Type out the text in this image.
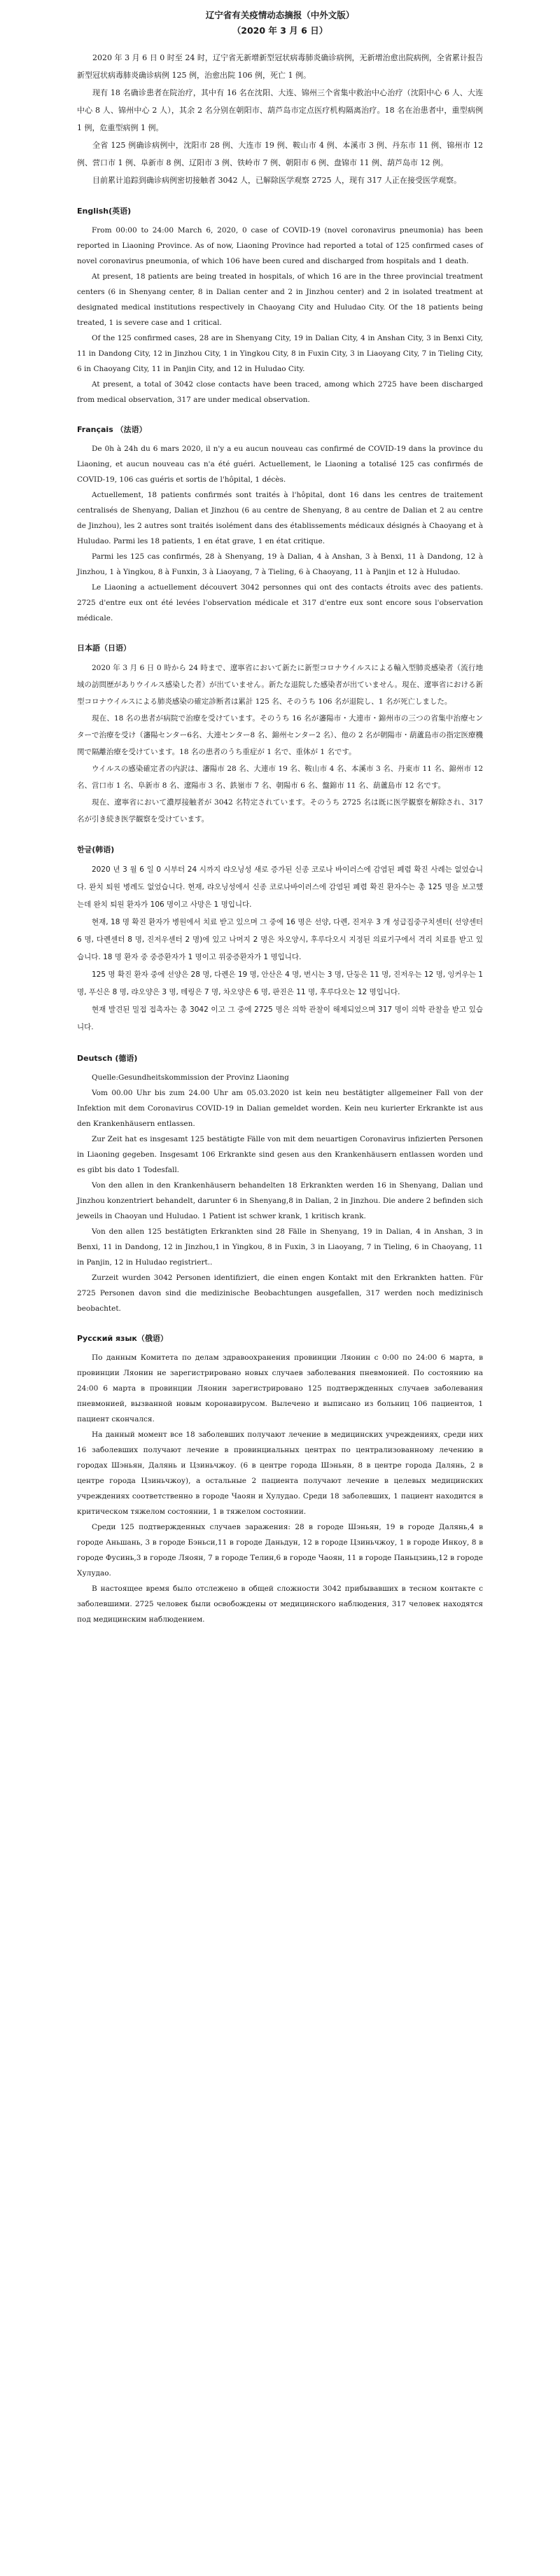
辽宁省有关疫情动态摘报（中外文版）

（2020 年 3 月 6 日）

2020 年 3 月 6 日 0 时至 24 时，辽宁省无新增新型冠状病毒肺炎确诊病例，无新增治愈出院病例，全省累计报告新型冠状病毒肺炎确诊病例 125 例，治愈出院 106 例，死亡 1 例。

现有 18 名确诊患者在院治疗，其中有 16 名在沈阳、大连、锦州三个省集中救治中心治疗（沈阳中心 6 人、大连中心 8 人、锦州中心 2 人），其余 2 名分别在朝阳市、葫芦岛市定点医疗机构隔离治疗。18 名在治患者中，重型病例 1 例，危重型病例 1 例。

全省 125 例确诊病例中，沈阳市 28 例、大连市 19 例、鞍山市 4 例、本溪市 3 例、丹东市 11 例、锦州市 12 例、营口市 1 例、阜新市 8 例、辽阳市 3 例、铁岭市 7 例、朝阳市 6 例、盘锦市 11 例、葫芦岛市 12 例。

目前累计追踪到确诊病例密切接触者 3042 人，已解除医学观察 2725 人，现有 317 人正在接受医学观察。

English(英语)

From 00:00 to 24:00 March 6, 2020, 0 case of COVID-19 (novel coronavirus pneumonia) has been reported in Liaoning Province. As of now, Liaoning Province had reported a total of 125 confirmed cases of novel coronavirus pneumonia, of which 106 have been cured and discharged from hospitals and 1 death.

At present, 18 patients are being treated in hospitals, of which 16 are in the three provincial treatment centers (6 in Shenyang center, 8 in Dalian center and 2 in Jinzhou center) and 2 in isolated treatment at designated medical institutions respectively in Chaoyang City and Huludao City. Of the 18 patients being treated, 1 is severe case and 1 critical.

Of the 125 confirmed cases, 28 are in Shenyang City, 19 in Dalian City, 4 in Anshan City, 3 in Benxi City, 11 in Dandong City, 12 in Jinzhou City, 1 in Yingkou City, 8 in Fuxin City, 3 in Liaoyang City, 7 in Tieling City, 6 in Chaoyang City, 11 in Panjin City, and 12 in Huludao City.

At present, a total of 3042 close contacts have been traced, among which 2725 have been discharged from medical observation, 317 are under medical observation.

Français （法语）

De 0h à 24h du 6 mars 2020, il n'y a eu aucun nouveau cas confirmé de COVID-19 dans la province du Liaoning, et aucun nouveau cas n'a été guéri. Actuellement, le Liaoning a totalisé 125 cas confirmés de COVID-19, 106 cas guéris et sortis de l'hôpital, 1 décès.

Actuellement, 18 patients confirmés sont traités à l'hôpital, dont 16 dans les centres de traitement centralisés de Shenyang, Dalian et Jinzhou (6 au centre de Shenyang, 8 au centre de Dalian et 2 au centre de Jinzhou), les 2 autres sont traités isolément dans des établissements médicaux désignés à Chaoyang et à Huludao. Parmi les 18 patients, 1 en état grave, 1 en état critique.

Parmi les 125 cas confirmés, 28 à Shenyang, 19 à Dalian, 4 à Anshan, 3 à Benxi, 11 à Dandong, 12 à Jinzhou, 1 à Yingkou, 8 à Funxin, 3 à Liaoyang, 7 à Tieling, 6 à Chaoyang, 11 à Panjin et 12 à Huludao.

Le Liaoning a actuellement découvert 3042 personnes qui ont des contacts étroits avec des patients. 2725 d'entre eux ont été levées l'observation médicale et 317 d'entre eux sont encore sous l'observation médicale.

日本語（日语）

2020 年 3 月 6 日 0 時から 24 時まで、遼寧省において新たに新型コロナウイルスによる輸入型肺炎感染者（流行地域の訪問歴がありウイルス感染した者）が出ていません。新たな退院した感染者が出ていません。現在、遼寧省における新型コロナウイルスによる肺炎感染の確定診断者は累計 125 名、そのうち 106 名が退院し、1 名が死亡しました。

現在、18 名の患者が病院で治療を受けています。そのうち 16 名が瀋陽市・大連市・錦州市の三つの省集中治療センターで治療を受け（瀋陽センター6名、大連センター8 名、錦州センター2 名）、他の 2 名が朝陽市・葫蘆島市の指定医療機関で隔離治療を受けています。18 名の患者のうち重症が 1 名で、重体が 1 名です。

ウイルスの感染確定者の内訳は、瀋陽市 28 名、大連市 19 名、鞍山市 4 名、本溪市 3 名、丹東市 11 名、錦州市 12 名、営口市 1 名、阜新市 8 名、遼陽市 3 名、鉄嶺市 7 名、朝陽市 6 名、盤錦市 11 名、葫蘆島市 12 名です。

現在、遼寧省において濃厚接触者が 3042 名特定されています。そのうち 2725 名は既に医学観察を解除され、317 名が引き続き医学観察を受けています。

한글(韩语)

2020 년 3 월 6 일 0 시부터 24 시까지 랴오닝성 새로 증가된 신종 코로나 바이러스에 감염된 폐렴 확진 사례는 없었습니다. 완치 퇴원 병례도 없었습니다. 현재, 랴오닝성에서 신종 코로나바이러스에 감염된 폐렴 확진 환자수는 총 125 명을 보고했는데 완치 퇴원 환자가 106 명이고 사망은 1 명입니다.

현재, 18 명 확진 환자가 병원에서 치료 받고 있으며 그 중에 16 명은 선양, 다롄, 진저우 3 개 성급집중구치센터( 선양센터 6 명, 다롄센터 8 명, 진저우센터 2 명)에 있고 나머지 2 명은 차오양시, 후루다오시 지정된 의료기구에서 격리 치료를 받고 있습니다. 18 명 환자 중 중증환자가 1 명이고 위중증환자가 1 명입니다.

125 명 확진 환자 중에 선양은 28 명, 다롄은 19 명, 안산은 4 명, 번시는 3 명, 단둥은 11 명, 진저우는 12 명, 잉커우는 1 명, 푸신은 8 명, 랴오양은 3 명, 톄링은 7 명, 차오양은 6 명, 판진은 11 명, 후루다오는 12 명입니다.

현재 발견된 밀접 접촉자는 총 3042 이고 그 중에 2725 명은 의학 관찰이 해제되었으며 317 명이 의학 관찰을 받고 있습니다.

Deutsch (德语)

Quelle:Gesundheitskommission der Provinz Liaoning

Vom 00.00 Uhr bis zum 24.00 Uhr am 05.03.2020 ist kein neu bestätigter allgemeiner Fall von der Infektion mit dem Coronavirus COVID-19 in Dalian gemeldet worden. Kein neu kurierter Erkrankte ist aus den Krankenhäusern entlassen.

Zur Zeit hat es insgesamt 125 bestätigte Fälle von mit dem neuartigen Coronavirus infizierten Personen in Liaoning gegeben. Insgesamt 106 Erkrankte sind gesen aus den Krankenhäusern entlassen worden und es gibt bis dato 1 Todesfall.

Von den allen in den Krankenhäusern behandelten 18 Erkrankten werden 16 in Shenyang, Dalian und Jinzhou konzentriert behandelt, darunter 6 in Shenyang,8 in Dalian, 2 in Jinzhou. Die andere 2 befinden sich jeweils in Chaoyan und Huludao. 1 Patient ist schwer krank, 1 kritisch krank.

Von den allen 125 bestätigten Erkrankten sind 28 Fälle in Shenyang, 19 in Dalian, 4 in Anshan, 3 in Benxi, 11 in Dandong, 12 in Jinzhou,1 in Yingkou, 8 in Fuxin, 3 in Liaoyang, 7 in Tieling, 6 in Chaoyang, 11 in Panjin, 12 in Huludao registriert..

Zurzeit wurden 3042 Personen identifiziert, die einen engen Kontakt mit den Erkrankten hatten. Für 2725 Personen davon sind die medizinische Beobachtungen ausgefallen, 317 werden noch medizinisch beobachtet.

Русский язык（俄语）

По данным Комитета по делам здравоохранения провинции Ляонин с 0:00 по 24:00 6 марта, в провинции Ляонин не зарегистрировано новых случаев заболевания пневмонией. По состоянию на 24:00 6 марта в провинции Ляонин зарегистрировано 125 подтвержденных случаев заболевания пневмонией, вызванной новым коронавирусом. Вылечено и выписано из больниц 106 пациентов, 1 пациент скончался.

На данный момент все 18 заболевших получают лечение в медицинских учреждениях, среди них 16 заболевших получают лечение в провинциальных центрах по централизованному лечению в городах Шэньян, Далянь и Цзиньчжоу. (6 в центре города Шэньян, 8 в центре города Далянь, 2 в центре города Цзиньчжоу), а остальные 2 пациента получают лечение в целевых медицинских учреждениях соответственно в городе Чаоян и Хулудао. Среди 18 заболевших, 1 пациент находится в критическом тяжелом состоянии, 1 в тяжелом состоянии.

Среди 125 подтвержденных случаев заражения: 28 в городе Шэньян, 19 в городе Далянь,4 в городе Аньшань, 3 в городе Бэньси,11 в городе Даньдун, 12 в городе Цзиньчжоу, 1 в городе Инкоу, 8 в городе Фусинь,3 в городе Ляоян, 7 в городе Телин,6 в городе Чаоян, 11 в городе Паньцзинь,12 в городе Хулудао.

В настоящее время было отслежено в общей сложности 3042 прибывавших в тесном контакте с заболевшими. 2725 человек были освобождены от медицинского наблюдения, 317 человек находятся под медицинским наблюдением.
